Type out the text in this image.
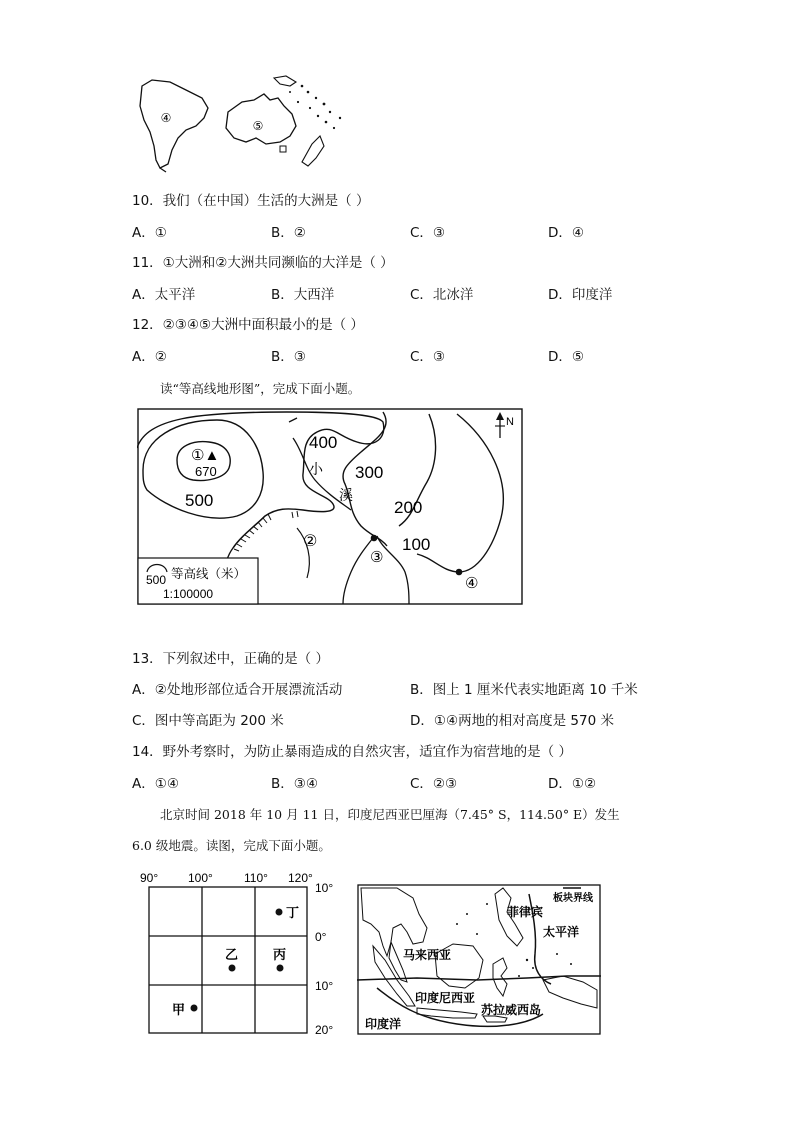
④
⑤
10．我们（在中国）生活的大洲是（ ）
A．①	B．②	C．③	D．④
11．①大洲和②大洲共同濒临的大洋是（ ）
A．太平洋	B．大西洋	C．北冰洋	D．印度洋
12．②③④⑤大洲中面积最小的是（ ）
A．②	B．③	C．③	D．⑤
读“等高线地形图”，完成下面小题。
N
①▲
670
500
400
300
200
100
小
溪
②
③
④
500 等高线（米）
1:100000
13．下列叙述中，正确的是（ ）
A．②处地形部位适合开展漂流活动	B．图上 1 厘米代表实地距离 10 千米
C．图中等高距为 200 米	D．①④两地的相对高度是 570 米
14．野外考察时，为防止暴雨造成的自然灾害，适宜作为宿营地的是（ ）
A．①④	B．③④	C．②③	D．①②
北京时间 2018 年 10 月 11 日，印度尼西亚巴厘海（7.45° S，114.50° E）发生
6.0 级地震。读图，完成下面小题。
90° 100°	110° 120°
10°
0°
10°
20°
丁
乙	丙
甲
菲律宾
板块界线
太平洋
马来西亚
印度尼西亚
苏拉威西岛
印度洋
